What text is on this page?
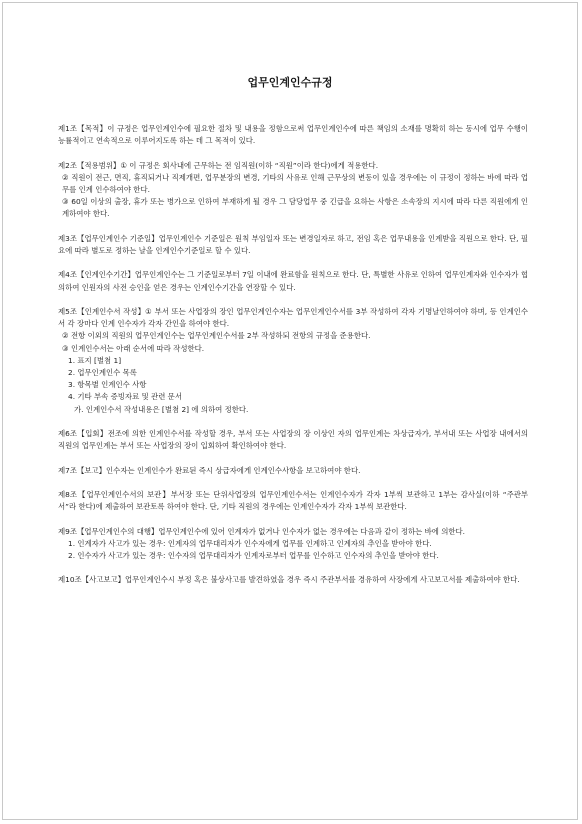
업무인계인수규정

제1조【목적】이 규정은 업무인계인수에 필요한 절차 및 내용을 정함으로써 업무인계인수에 따른 책임의 소재를 명확히 하는 동시에 업무 수행이 능률적이고 연속적으로 이루어지도록 하는 데 그 목적이 있다.

제2조【적용범위】① 이 규정은 회사내에 근무하는 전 임직원(이하 “직원”이라 한다)에게 적용한다.

② 직원이 전근, 면직, 휴직되거나 직제개편, 업무분장의 변경, 기타의 사유로 인해 근무상의 변동이 있을 경우에는 이 규정이 정하는 바에 따라 업무를 인계 인수하여야 한다.

③ 60일 이상의 출장, 휴가 또는 병가으로 인하여 부재하게 될 경우 그 담당업무 중 긴급을 요하는 사항은 소속장의 지시에 따라 다른 직원에게 인계하여야 한다.

제3조【업무인계인수 기준일】업무인계인수 기준일은 원칙 부임일자 또는 변경일자로 하고, 전임 혹은 업무내용을 인계받을 직원으로 한다. 단, 필요에 따라 별도로 정하는 날을 인계인수기준일로 할 수 있다.

제4조【인계인수기간】업무인계인수는 그 기준일로부터 7일 이내에 완료함을 원칙으로 한다. 단, 특별한 사유로 인하여 업무인계자와 인수자가 협의하여 인원자의 사전 승인을 얻은 경우는 인계인수기간을 연장할 수 있다.

제5조【인계인수서 작성】① 부서 또는 사업장의 장인 업무인계인수자는 업무인계인수서를 3부 작성하여 각자 기명날인하여야 하며, 등 인계인수서 각 장마다 인계 인수자가 각자 간인을 하여야 한다.

② 전항 이외의 직원의 업무인계인수는 업무인계인수서를 2부 작성하되 전항의 규정을 준용한다.

③ 인계인수서는 아래 순서에 따라 작성한다.

1. 표지 [별첨 1]

2. 업무인계인수 목록

3. 항목별 인계인수 사항

4. 기타 부속 증빙자료 및 관련 문서

가. 인계인수서 작성내용은 [별첨 2] 에 의하여 정한다.

제6조【입회】전조에 의한 인계인수서를 작성할 경우, 부서 또는 사업장의 장 이상인 자의 업무인계는 차상급자가, 부서내 또는 사업장 내에서의 직원의 업무인계는 부서 또는 사업장의 장이 입회하여 확인하여야 한다.

제7조【보고】인수자는 인계인수가 완료된 즉시 상급자에게 인계인수사항을 보고하여야 한다.

제8조【업무인계인수서의 보관】부서장 또는 단위사업장의 업무인계인수서는 인계인수자가 각자 1부씩 보관하고 1부는 감사실(이하 “주관부서”라 한다)에 제출하여 보관토록 하여야 한다. 단, 기타 직원의 경우에는 인계인수자가 각자 1부씩 보관한다.

제9조【업무인계인수의 대행】업무인계인수에 있어 인계자가 없거나 인수자가 없는 경우에는 다음과 같이 정하는 바에 의한다.

1. 인계자가 사고가 있는 경우: 인계자의 업무대리자가 인수자에게 업무를 인계하고 인계자의 추인을 받아야 한다.

2. 인수자가 사고가 있는 경우: 인수자의 업무대리자가 인계자로부터 업무를 인수하고 인수자의 추인을 받아야 한다.

제10조【사고보고】업무인계인수시 부정 혹은 불상사고를 발견하였을 경우 즉시 주관부서를 경유하여 사장에게 사고보고서를 제출하여야 한다.
